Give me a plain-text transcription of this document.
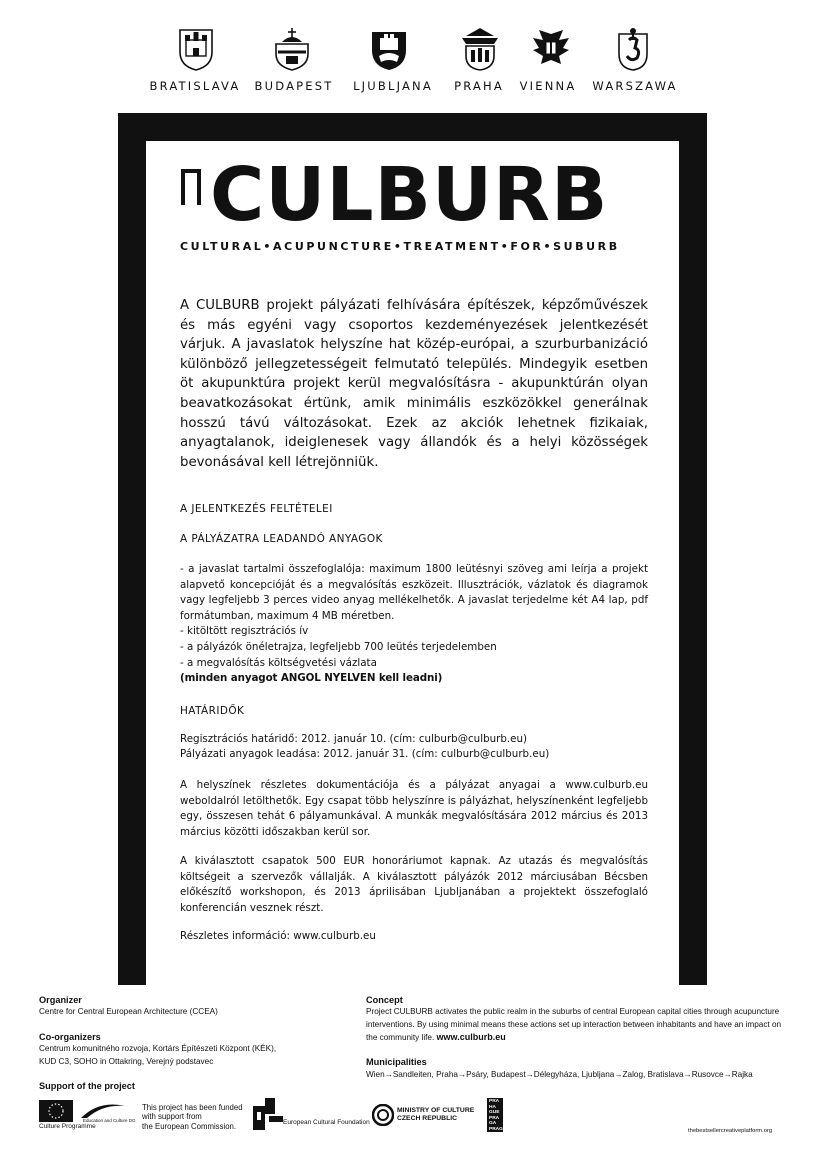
BRATISLAVA	BUDAPEST	LJUBLJANA	PRAHA	VIENNA	WARSZAWA
CULBURB
CULTURAL•ACUPUNCTURE•TREATMENT•FOR•SUBURB
A CULBURB projekt pályázati felhívására építészek, képzőművészek és más egyéni vagy csoportos kezdeményezések jelentkezését várjuk. A javaslatok helyszíne hat közép-európai, a szurburbanizáció különböző jellegzetességeit felmutató település. Mindegyik esetben öt akupunktúra projekt kerül megvalósításra - akupunktúrán olyan beavatkozásokat értünk, amik minimális eszközökkel generálnak hosszú távú változásokat. Ezek az akciók lehetnek fizikaiak, anyagtalanok, ideiglenesek vagy állandók és a helyi közösségek bevonásával kell létrejönniük.
A JELENTKEZÉS FELTÉTELEI
A PÁLYÁZATRA LEADANDÓ ANYAGOK

- a javaslat tartalmi összefoglalója: maximum 1800 leütésnyi szöveg ami leírja a projekt alapvető koncepcióját és a megvalósítás eszközeit. Illusztrációk, vázlatok és diagramok vagy legfeljebb 3 perces video anyag mellékelhetők. A javaslat terjedelme két A4 lap, pdf formátumban, maximum 4 MB méretben.

- kitöltött regisztrációs ív

- a pályázók önéletrajza, legfeljebb 700 leütés terjedelemben

- a megvalósítás költségvetési vázlata

(minden anyagot ANGOL NYELVEN kell leadni)

HATÁRIDŐK
Regisztrációs határidő: 2012. január 10. (cím: culburb@culburb.eu)
Pályázati anyagok leadása: 2012. január 31. (cím: culburb@culburb.eu)
A helyszínek részletes dokumentációja és a pályázat anyagai a www.culburb.eu weboldalról letölthetők. Egy csapat több helyszínre is pályázhat, helyszínenként legfeljebb egy, összesen tehát 6 pályamunkával. A munkák megvalósítására 2012 március és 2013 március közötti időszakban kerül sor.
A kiválasztott csapatok 500 EUR honoráriumot kapnak. Az utazás és megvalósítás költségeit a szervezők vállalják. A kiválasztott pályázók 2012 márciusában Bécsben előkészítő workshopon, és 2013 áprilisában Ljubljanában a projektekt összefoglaló konferencián vesznek részt.
Részletes információ: www.culburb.eu
Organizer
Centre for Central European Architecture (CCEA)
Co-organizers
Centrum komunitného rozvoja, Kortárs Építészeti Központ (KÉK),
KUD C3, SOHO in Ottakring, Verejný podstavec
Support of the project
Concept
Project CULBURB activates the public realm in the suburbs of central European capital cities through acupuncture interventions. By using minimal means these actions set up interaction between inhabitants and have an impact on the community life. www.culburb.eu
Municipalities
Wien→Sandleiten, Praha→Psáry, Budapest→Délegyháza, Ljubljana→Zalog, Bratislava→Rusovce→Rajka
Culture Programme
Education and Culture DG
This project has been funded
with support from
the European Commission.	European Cultural Foundation
MINISTRY OF CULTURE
CZECH REPUBLIC
PRA
HA
GUE
PRA
GA
PRAG	thebestsellercreativeplatform.org
